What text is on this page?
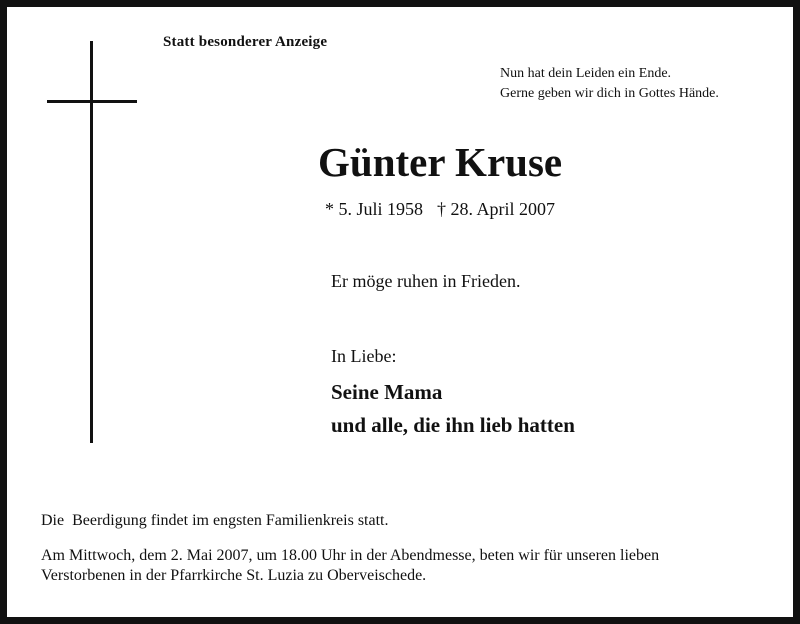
Statt besonderer Anzeige
Nun hat dein Leiden ein Ende.
Gerne geben wir dich in Gottes Hände.
Günter Kruse
* 5. Juli 1958 † 28. April 2007
Er möge ruhen in Frieden.
In Liebe:
Seine Mama
und alle, die ihn lieb hatten
Die  Beerdigung findet im engsten Familienkreis statt.
Am Mittwoch, dem 2. Mai 2007, um 18.00 Uhr in der Abendmesse, beten wir für unseren lieben
Verstorbenen in der Pfarrkirche St. Luzia zu Oberveischede.
